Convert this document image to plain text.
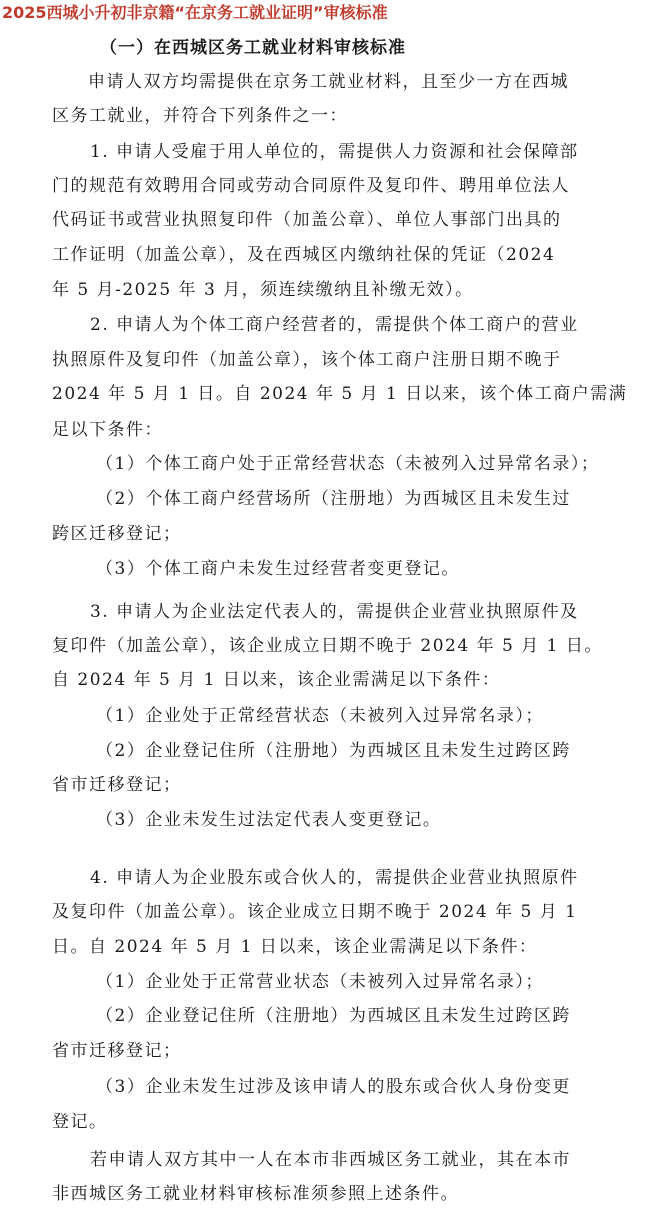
2025西城小升初非京籍“在京务工就业证明”审核标准
（一）在西城区务工就业材料审核标准
申请人双方均需提供在京务工就业材料，且至少一方在西城
区务工就业，并符合下列条件之一：
1. 申请人受雇于用人单位的，需提供人力资源和社会保障部
门的规范有效聘用合同或劳动合同原件及复印件、聘用单位法人
代码证书或营业执照复印件（加盖公章）、单位人事部门出具的
工作证明（加盖公章），及在西城区内缴纳社保的凭证（2024
年 5 月-2025 年 3 月，须连续缴纳且补缴无效）。
2. 申请人为个体工商户经营者的，需提供个体工商户的营业
执照原件及复印件（加盖公章），该个体工商户注册日期不晚于
2024 年 5 月 1 日。自 2024 年 5 月 1 日以来，该个体工商户需满
足以下条件：
（1）个体工商户处于正常经营状态（未被列入过异常名录）；
（2）个体工商户经营场所（注册地）为西城区且未发生过
跨区迁移登记；
（3）个体工商户未发生过经营者变更登记。
3. 申请人为企业法定代表人的，需提供企业营业执照原件及
复印件（加盖公章），该企业成立日期不晚于 2024 年 5 月 1 日。
自 2024 年 5 月 1 日以来，该企业需满足以下条件：
（1）企业处于正常经营状态（未被列入过异常名录）；
（2）企业登记住所（注册地）为西城区且未发生过跨区跨
省市迁移登记；
（3）企业未发生过法定代表人变更登记。
4. 申请人为企业股东或合伙人的，需提供企业营业执照原件
及复印件（加盖公章）。该企业成立日期不晚于 2024 年 5 月 1
日。自 2024 年 5 月 1 日以来，该企业需满足以下条件：
（1）企业处于正常营业状态（未被列入过异常名录）；
（2）企业登记住所（注册地）为西城区且未发生过跨区跨
省市迁移登记；
（3）企业未发生过涉及该申请人的股东或合伙人身份变更
登记。
若申请人双方其中一人在本市非西城区务工就业，其在本市
非西城区务工就业材料审核标准须参照上述条件。
